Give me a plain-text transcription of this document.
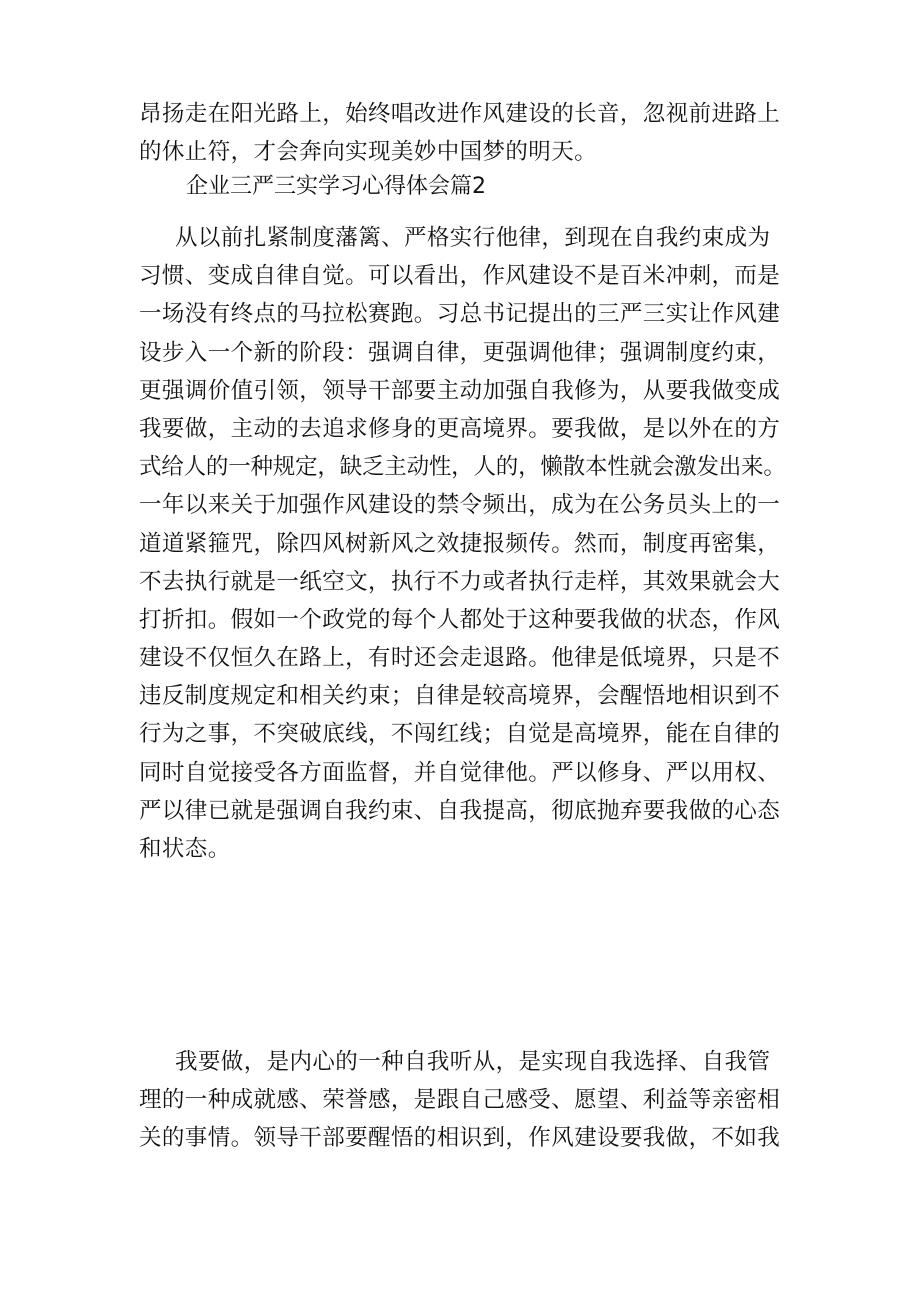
昂扬走在阳光路上，始终唱改进作风建设的长音，忽视前进路上
的休止符，才会奔向实现美妙中国梦的明天。
企业三严三实学习心得体会篇2
从以前扎紧制度藩篱、严格实行他律，到现在自我约束成为
习惯、变成自律自觉。可以看出，作风建设不是百米冲刺，而是
一场没有终点的马拉松赛跑。习总书记提出的三严三实让作风建
设步入一个新的阶段：强调自律，更强调他律；强调制度约束，
更强调价值引领，领导干部要主动加强自我修为，从要我做变成
我要做，主动的去追求修身的更高境界。要我做，是以外在的方
式给人的一种规定，缺乏主动性，人的，懒散本性就会激发出来。
一年以来关于加强作风建设的禁令频出，成为在公务员头上的一
道道紧箍咒，除四风树新风之效捷报频传。然而，制度再密集，
不去执行就是一纸空文，执行不力或者执行走样，其效果就会大
打折扣。假如一个政党的每个人都处于这种要我做的状态，作风
建设不仅恒久在路上，有时还会走退路。他律是低境界，只是不
违反制度规定和相关约束；自律是较高境界，会醒悟地相识到不
行为之事，不突破底线，不闯红线；自觉是高境界，能在自律的
同时自觉接受各方面监督，并自觉律他。严以修身、严以用权、
严以律已就是强调自我约束、自我提高，彻底抛弃要我做的心态
和状态。
我要做，是内心的一种自我听从，是实现自我选择、自我管
理的一种成就感、荣誉感，是跟自己感受、愿望、利益等亲密相
关的事情。领导干部要醒悟的相识到，作风建设要我做，不如我
